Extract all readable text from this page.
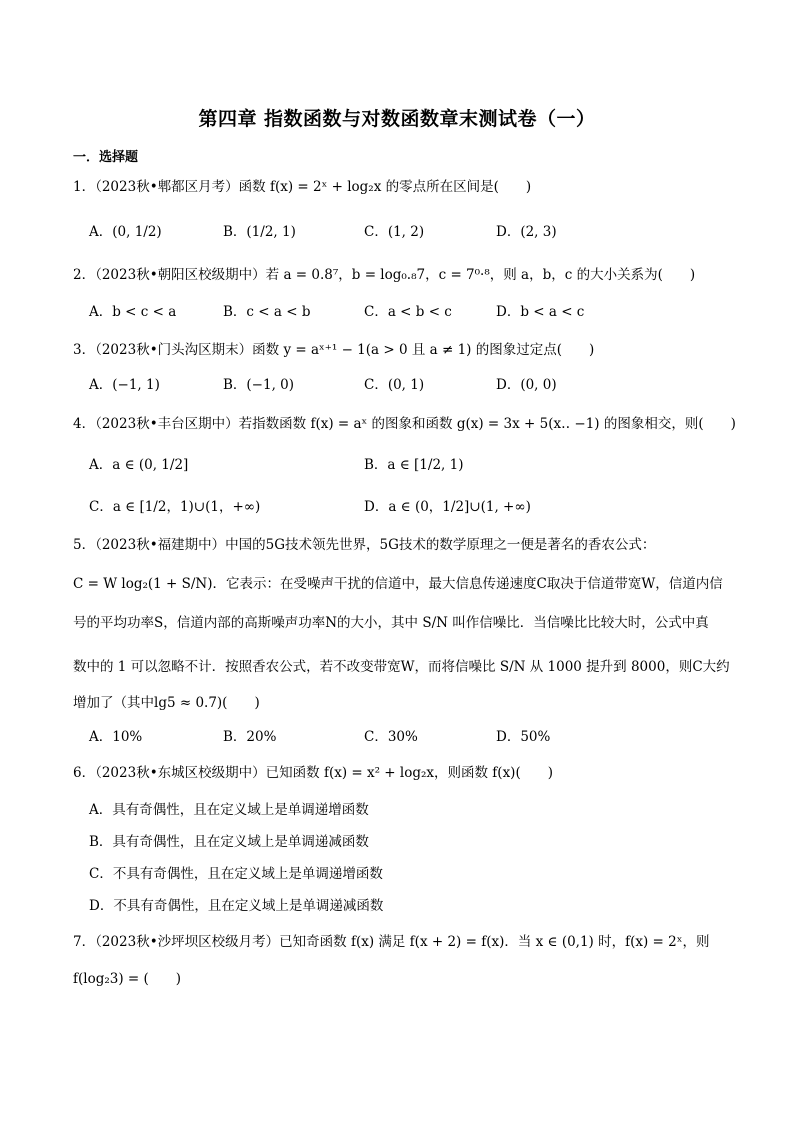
第四章 指数函数与对数函数章末测试卷（一）
一．选择题
1．（2023秋•郫都区月考）函数 f(x) = 2ˣ + log₂x 的零点所在区间是(　　)
A．(0, 1/2)	B．(1/2, 1)	C．(1, 2)	D．(2, 3)
2．（2023秋•朝阳区校级期中）若 a = 0.8⁷，b = log₀.₈7，c = 7⁰·⁸，则 a，b，c 的大小关系为(　　)
A．b < c < a	B．c < a < b	C．a < b < c	D．b < a < c
3．（2023秋•门头沟区期末）函数 y = aˣ⁺¹ − 1(a > 0 且 a ≠ 1) 的图象过定点(　　)
A．(−1, 1)	B．(−1, 0)	C．(0, 1)	D．(0, 0)
4．（2023秋•丰台区期中）若指数函数 f(x) = aˣ 的图象和函数 g(x) = 3x + 5(x‥ −1) 的图象相交，则(　　)
A．a ∈ (0, 1/2]	B．a ∈ [1/2, 1)
C．a ∈ [1/2，1)∪(1，+∞)	D．a ∈ (0，1/2]∪(1, +∞)
5．（2023秋•福建期中）中国的5G技术领先世界，5G技术的数学原理之一便是著名的香农公式：
C = W log₂(1 + S/N)．它表示：在受噪声干扰的信道中，最大信息传递速度C取决于信道带宽W，信道内信
号的平均功率S，信道内部的高斯噪声功率N的大小，其中 S/N 叫作信噪比．当信噪比比较大时，公式中真
数中的 1 可以忽略不计．按照香农公式，若不改变带宽W，而将信噪比 S/N 从 1000 提升到 8000，则C大约
增加了（其中lg5 ≈ 0.7)(　　)
A．10%	B．20%	C．30%	D．50%
6．（2023秋•东城区校级期中）已知函数 f(x) = x² + log₂x，则函数 f(x)(　　)
A．具有奇偶性，且在定义域上是单调递增函数
B．具有奇偶性，且在定义域上是单调递减函数
C．不具有奇偶性，且在定义域上是单调递增函数
D．不具有奇偶性，且在定义域上是单调递减函数
7．（2023秋•沙坪坝区校级月考）已知奇函数 f(x) 满足 f(x + 2) = f(x)．当 x ∈ (0,1) 时，f(x) = 2ˣ，则
f(log₂3) = (　　)
